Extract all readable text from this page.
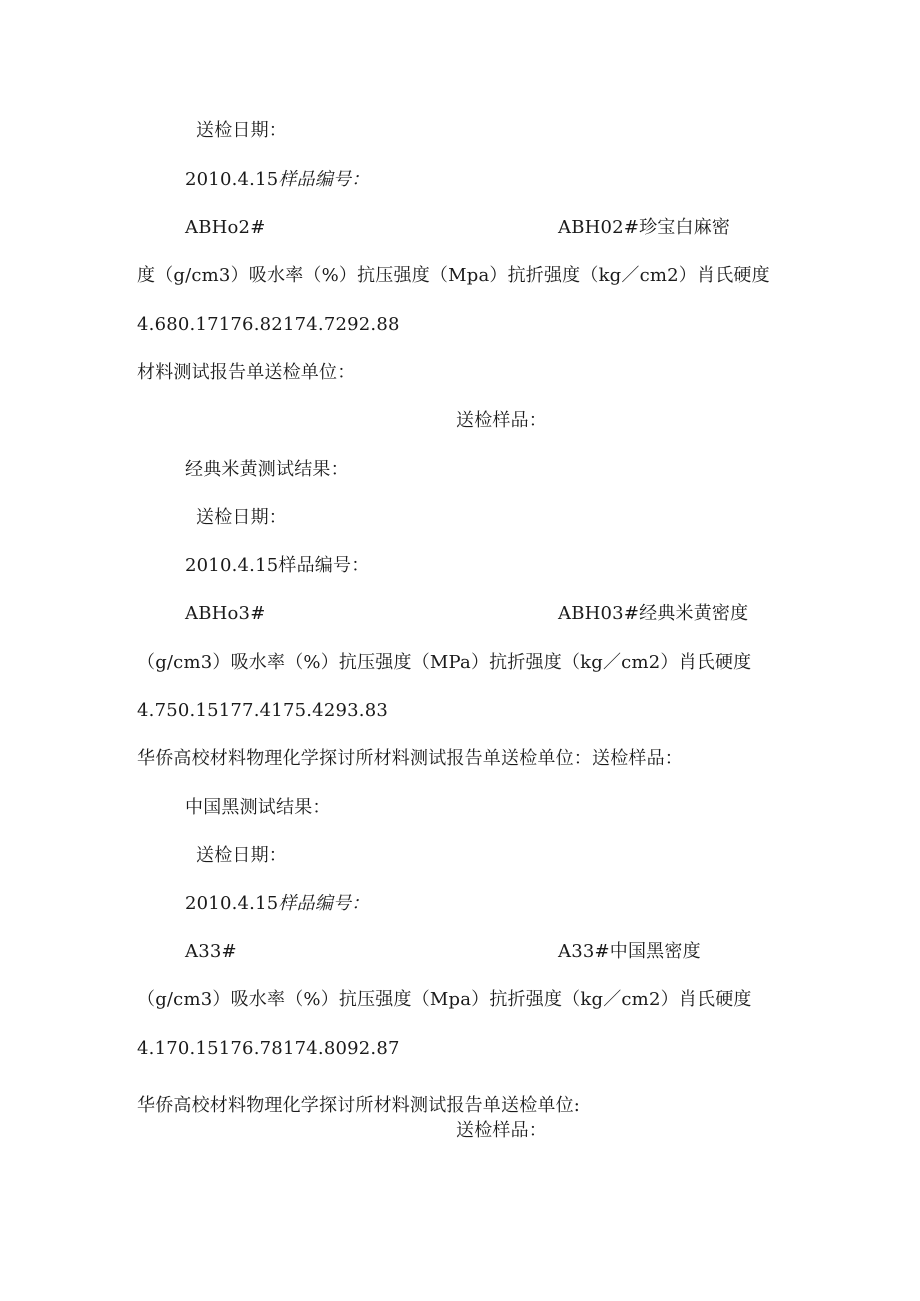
送检日期：
2010.4.15样品编号：
ABHo2#	ABH02#珍宝白麻密
度（g/cm3）吸水率（%）抗压强度（Mpa）抗折强度（kg／cm2）肖氏硬度
4.680.17176.82174.7292.88
材料测试报告单送检单位：
送检样品：
经典米黄测试结果：
送检日期：
2010.4.15样品编号：
ABHo3#	ABH03#经典米黄密度
（g/cm3）吸水率（%）抗压强度（MPa）抗折强度（kg／cm2）肖氏硬度
4.750.15177.4175.4293.83
华侨高校材料物理化学探讨所材料测试报告单送检单位：送检样品：
中国黑测试结果：
送检日期：
2010.4.15样品编号：
A33#	A33#中国黑密度
（g/cm3）吸水率（%）抗压强度（Mpa）抗折强度（kg／cm2）肖氏硬度
4.170.15176.78174.8092.87
华侨高校材料物理化学探讨所材料测试报告单送检单位:
送检样品：
